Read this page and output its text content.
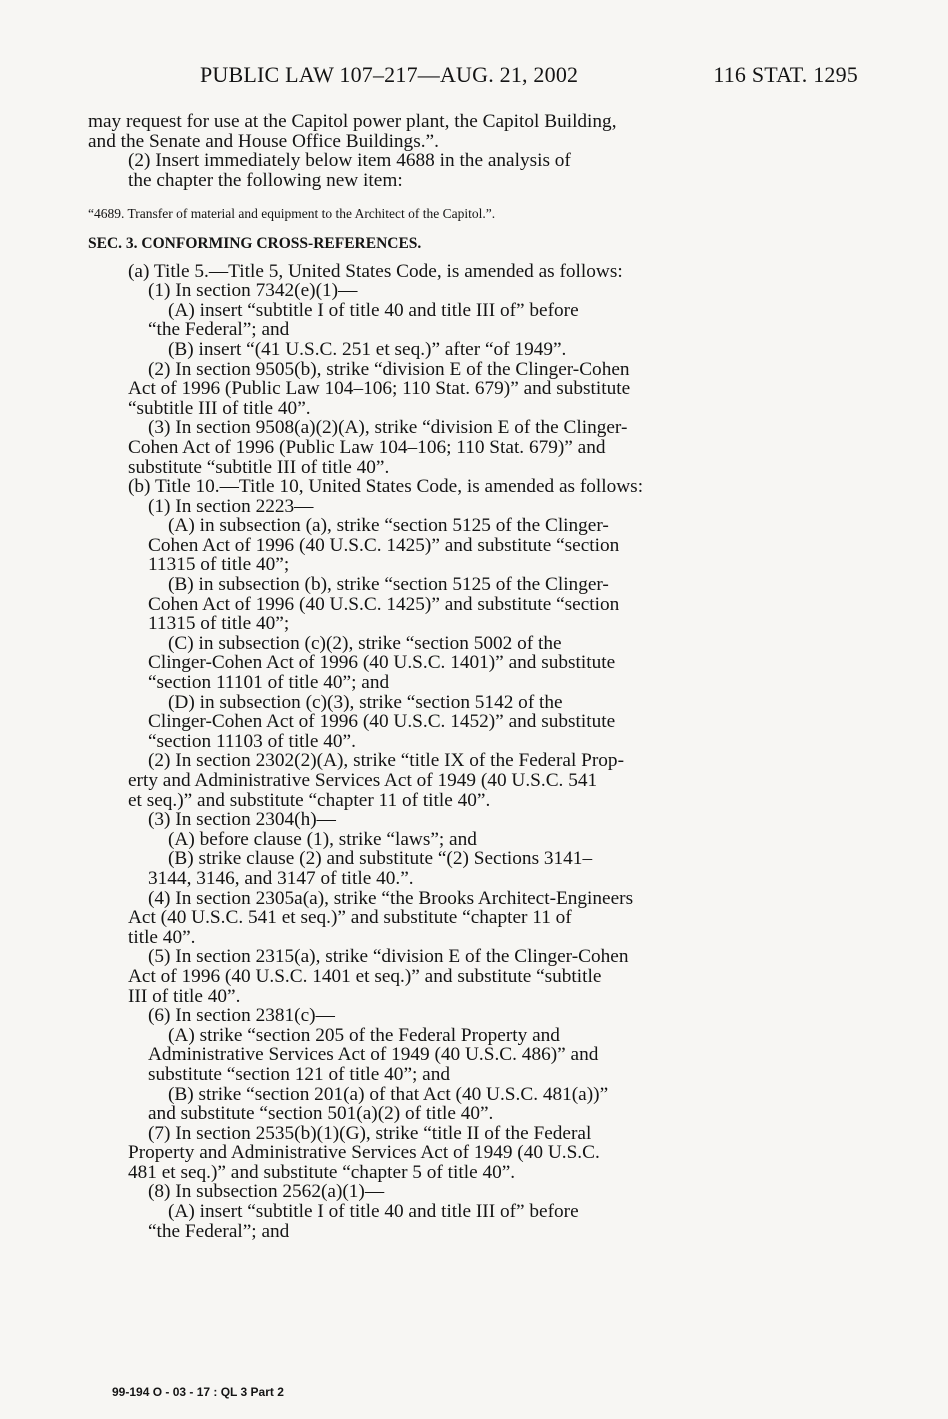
PUBLIC LAW 107–217—AUG. 21, 2002	116 STAT. 1295

may request for use at the Capitol power plant, the Capitol Building,

and the Senate and House Office Buildings.”.

(2) Insert immediately below item 4688 in the analysis of

the chapter the following new item:

“4689. Transfer of material and equipment to the Architect of the Capitol.”.

SEC. 3. CONFORMING CROSS-REFERENCES.

(a) Title 5.—Title 5, United States Code, is amended as follows:

(1) In section 7342(e)(1)—

(A) insert “subtitle I of title 40 and title III of” before

“the Federal”; and

(B) insert “(41 U.S.C. 251 et seq.)” after “of 1949”.

(2) In section 9505(b), strike “division E of the Clinger-Cohen

Act of 1996 (Public Law 104–106; 110 Stat. 679)” and substitute

“subtitle III of title 40”.

(3) In section 9508(a)(2)(A), strike “division E of the Clinger-

Cohen Act of 1996 (Public Law 104–106; 110 Stat. 679)” and

substitute “subtitle III of title 40”.

(b) Title 10.—Title 10, United States Code, is amended as follows:

(1) In section 2223—

(A) in subsection (a), strike “section 5125 of the Clinger-

Cohen Act of 1996 (40 U.S.C. 1425)” and substitute “section

11315 of title 40”;

(B) in subsection (b), strike “section 5125 of the Clinger-

Cohen Act of 1996 (40 U.S.C. 1425)” and substitute “section

11315 of title 40”;

(C) in subsection (c)(2), strike “section 5002 of the

Clinger-Cohen Act of 1996 (40 U.S.C. 1401)” and substitute

“section 11101 of title 40”; and

(D) in subsection (c)(3), strike “section 5142 of the

Clinger-Cohen Act of 1996 (40 U.S.C. 1452)” and substitute

“section 11103 of title 40”.

(2) In section 2302(2)(A), strike “title IX of the Federal Prop-

erty and Administrative Services Act of 1949 (40 U.S.C. 541

et seq.)” and substitute “chapter 11 of title 40”.

(3) In section 2304(h)—

(A) before clause (1), strike “laws”; and

(B) strike clause (2) and substitute “(2) Sections 3141–

3144, 3146, and 3147 of title 40.”.

(4) In section 2305a(a), strike “the Brooks Architect-Engineers

Act (40 U.S.C. 541 et seq.)” and substitute “chapter 11 of

title 40”.

(5) In section 2315(a), strike “division E of the Clinger-Cohen

Act of 1996 (40 U.S.C. 1401 et seq.)” and substitute “subtitle

III of title 40”.

(6) In section 2381(c)—

(A) strike “section 205 of the Federal Property and

Administrative Services Act of 1949 (40 U.S.C. 486)” and

substitute “section 121 of title 40”; and

(B) strike “section 201(a) of that Act (40 U.S.C. 481(a))”

and substitute “section 501(a)(2) of title 40”.

(7) In section 2535(b)(1)(G), strike “title II of the Federal

Property and Administrative Services Act of 1949 (40 U.S.C.

481 et seq.)” and substitute “chapter 5 of title 40”.

(8) In subsection 2562(a)(1)—

(A) insert “subtitle I of title 40 and title III of” before

“the Federal”; and

99-194 O - 03 - 17 : QL 3 Part 2
